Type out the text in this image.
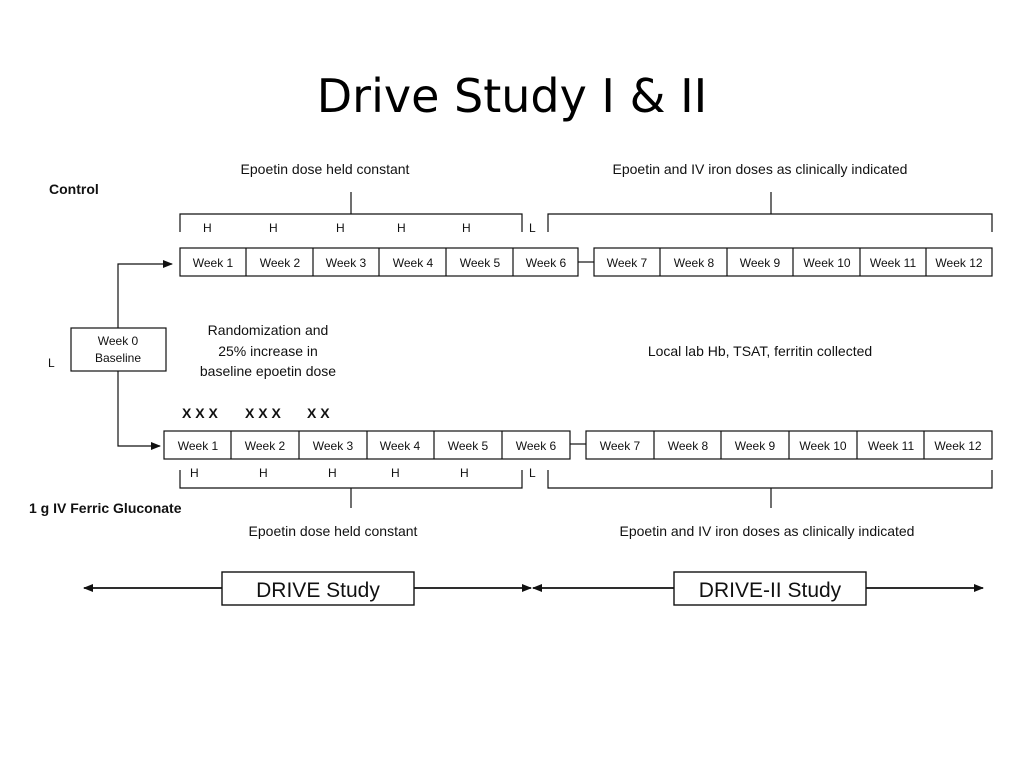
Drive Study I & II
Control
Epoetin dose held constant	Epoetin and IV iron doses as clinically indicated
H	H	H	H	H	L
Week 1 Week 2 Week 3 Week 4 Week 5 Week 6	Week 7 Week 8 Week 9 Week 10 Week 11 Week 12
Week 0
Baseline
L
Randomization and
25% increase in
baseline epoetin dose
Local lab Hb, TSAT, ferritin collected
X X X X X X X X
Week 1 Week 2 Week 3 Week 4 Week 5 Week 6	Week 7 Week 8 Week 9 Week 10 Week 11 Week 12
H	H	H	H	H	L
1 g IV Ferric Gluconate
Epoetin dose held constant	Epoetin and IV iron doses as clinically indicated
DRIVE Study	DRIVE-II Study
